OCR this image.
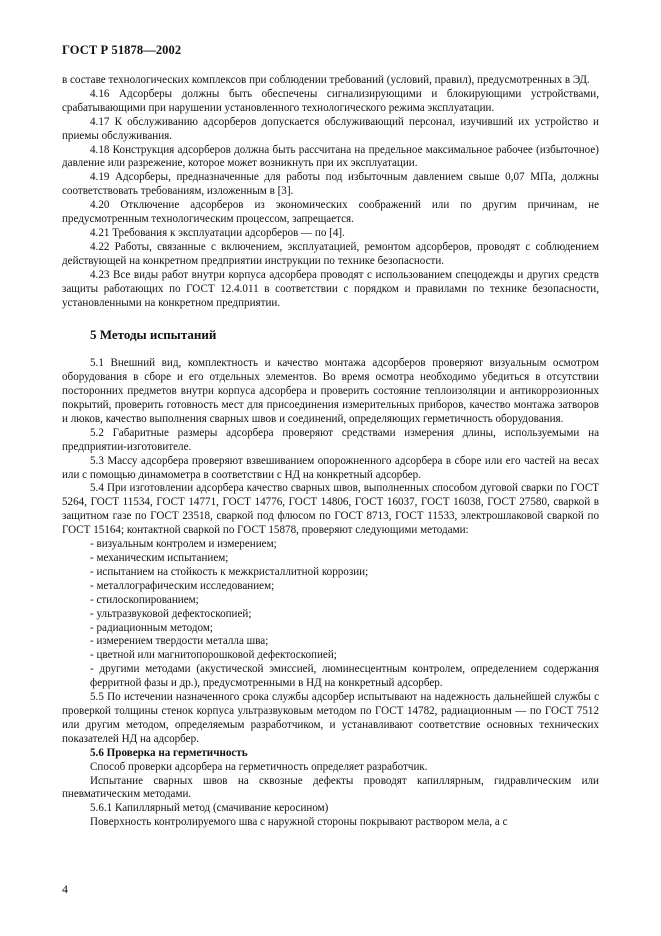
ГОСТ Р 51878—2002

в составе технологических комплексов при соблюдении требований (условий, правил), предусмотренных в ЭД.

4.16 Адсорберы должны быть обеспечены сигнализирующими и блокирующими устройствами, срабатывающими при нарушении установленного технологического режима эксплуатации.

4.17 К обслуживанию адсорберов допускается обслуживающий персонал, изучивший их устройство и приемы обслуживания.

4.18 Конструкция адсорберов должна быть рассчитана на предельное максимальное рабочее (избыточное) давление или разрежение, которое может возникнуть при их эксплуатации.

4.19 Адсорберы, предназначенные для работы под избыточным давлением свыше 0,07 МПа, должны соответствовать требованиям, изложенным в [3].

4.20 Отключение адсорберов из экономических соображений или по другим причинам, не предусмотренным технологическим процессом, запрещается.

4.21 Требования к эксплуатации адсорберов — по [4].

4.22 Работы, связанные с включением, эксплуатацией, ремонтом адсорберов, проводят с соблюдением действующей на конкретном предприятии инструкции по технике безопасности.

4.23 Все виды работ внутри корпуса адсорбера проводят с использованием спецодежды и других средств защиты работающих по ГОСТ 12.4.011 в соответствии с порядком и правилами по технике безопасности, установленными на конкретном предприятии.

5 Методы испытаний

5.1 Внешний вид, комплектность и качество монтажа адсорберов проверяют визуальным осмотром оборудования в сборе и его отдельных элементов. Во время осмотра необходимо убедиться в отсутствии посторонних предметов внутри корпуса адсорбера и проверить состояние теплоизоляции и антикоррозионных покрытий, проверить готовность мест для присоединения измерительных приборов, качество монтажа затворов и люков, качество выполнения сварных швов и соединений, определяющих герметичность оборудования.

5.2 Габаритные размеры адсорбера проверяют средствами измерения длины, используемыми на предприятии-изготовителе.

5.3 Массу адсорбера проверяют взвешиванием опорожненного адсорбера в сборе или его частей на весах или с помощью динамометра в соответствии с НД на конкретный адсорбер.

5.4 При изготовлении адсорбера качество сварных швов, выполненных способом дуговой сварки по ГОСТ 5264, ГОСТ 11534, ГОСТ 14771, ГОСТ 14776, ГОСТ 14806, ГОСТ 16037, ГОСТ 16038, ГОСТ 27580, сваркой в защитном газе по ГОСТ 23518, сваркой под флюсом по ГОСТ 8713, ГОСТ 11533, электрошлаковой сваркой по ГОСТ 15164; контактной сваркой по ГОСТ 15878, проверяют следующими методами:

- визуальным контролем и измерением;
- механическим испытанием;
- испытанием на стойкость к межкристаллитной коррозии;
- металлографическим исследованием;
- стилоскопированием;
- ультразвуковой дефектоскопией;
- радиационным методом;
- измерением твердости металла шва;
- цветной или магнитопорошковой дефектоскопией;
- другими методами (акустической эмиссией, люминесцентным контролем, определением содержания ферритной фазы и др.), предусмотренными в НД на конкретный адсорбер.

5.5 По истечении назначенного срока службы адсорбер испытывают на надежность дальнейшей службы с проверкой толщины стенок корпуса ультразвуковым методом по ГОСТ 14782, радиационным — по ГОСТ 7512 или другим методом, определяемым разработчиком, и устанавливают соответствие основных технических показателей НД на адсорбер.

5.6 Проверка на герметичность

Способ проверки адсорбера на герметичность определяет разработчик.

Испытание сварных швов на сквозные дефекты проводят капиллярным, гидравлическим или пневматическим методами.

5.6.1 Капиллярный метод (смачивание керосином)

Поверхность контролируемого шва с наружной стороны покрывают раствором мела, а с

4
